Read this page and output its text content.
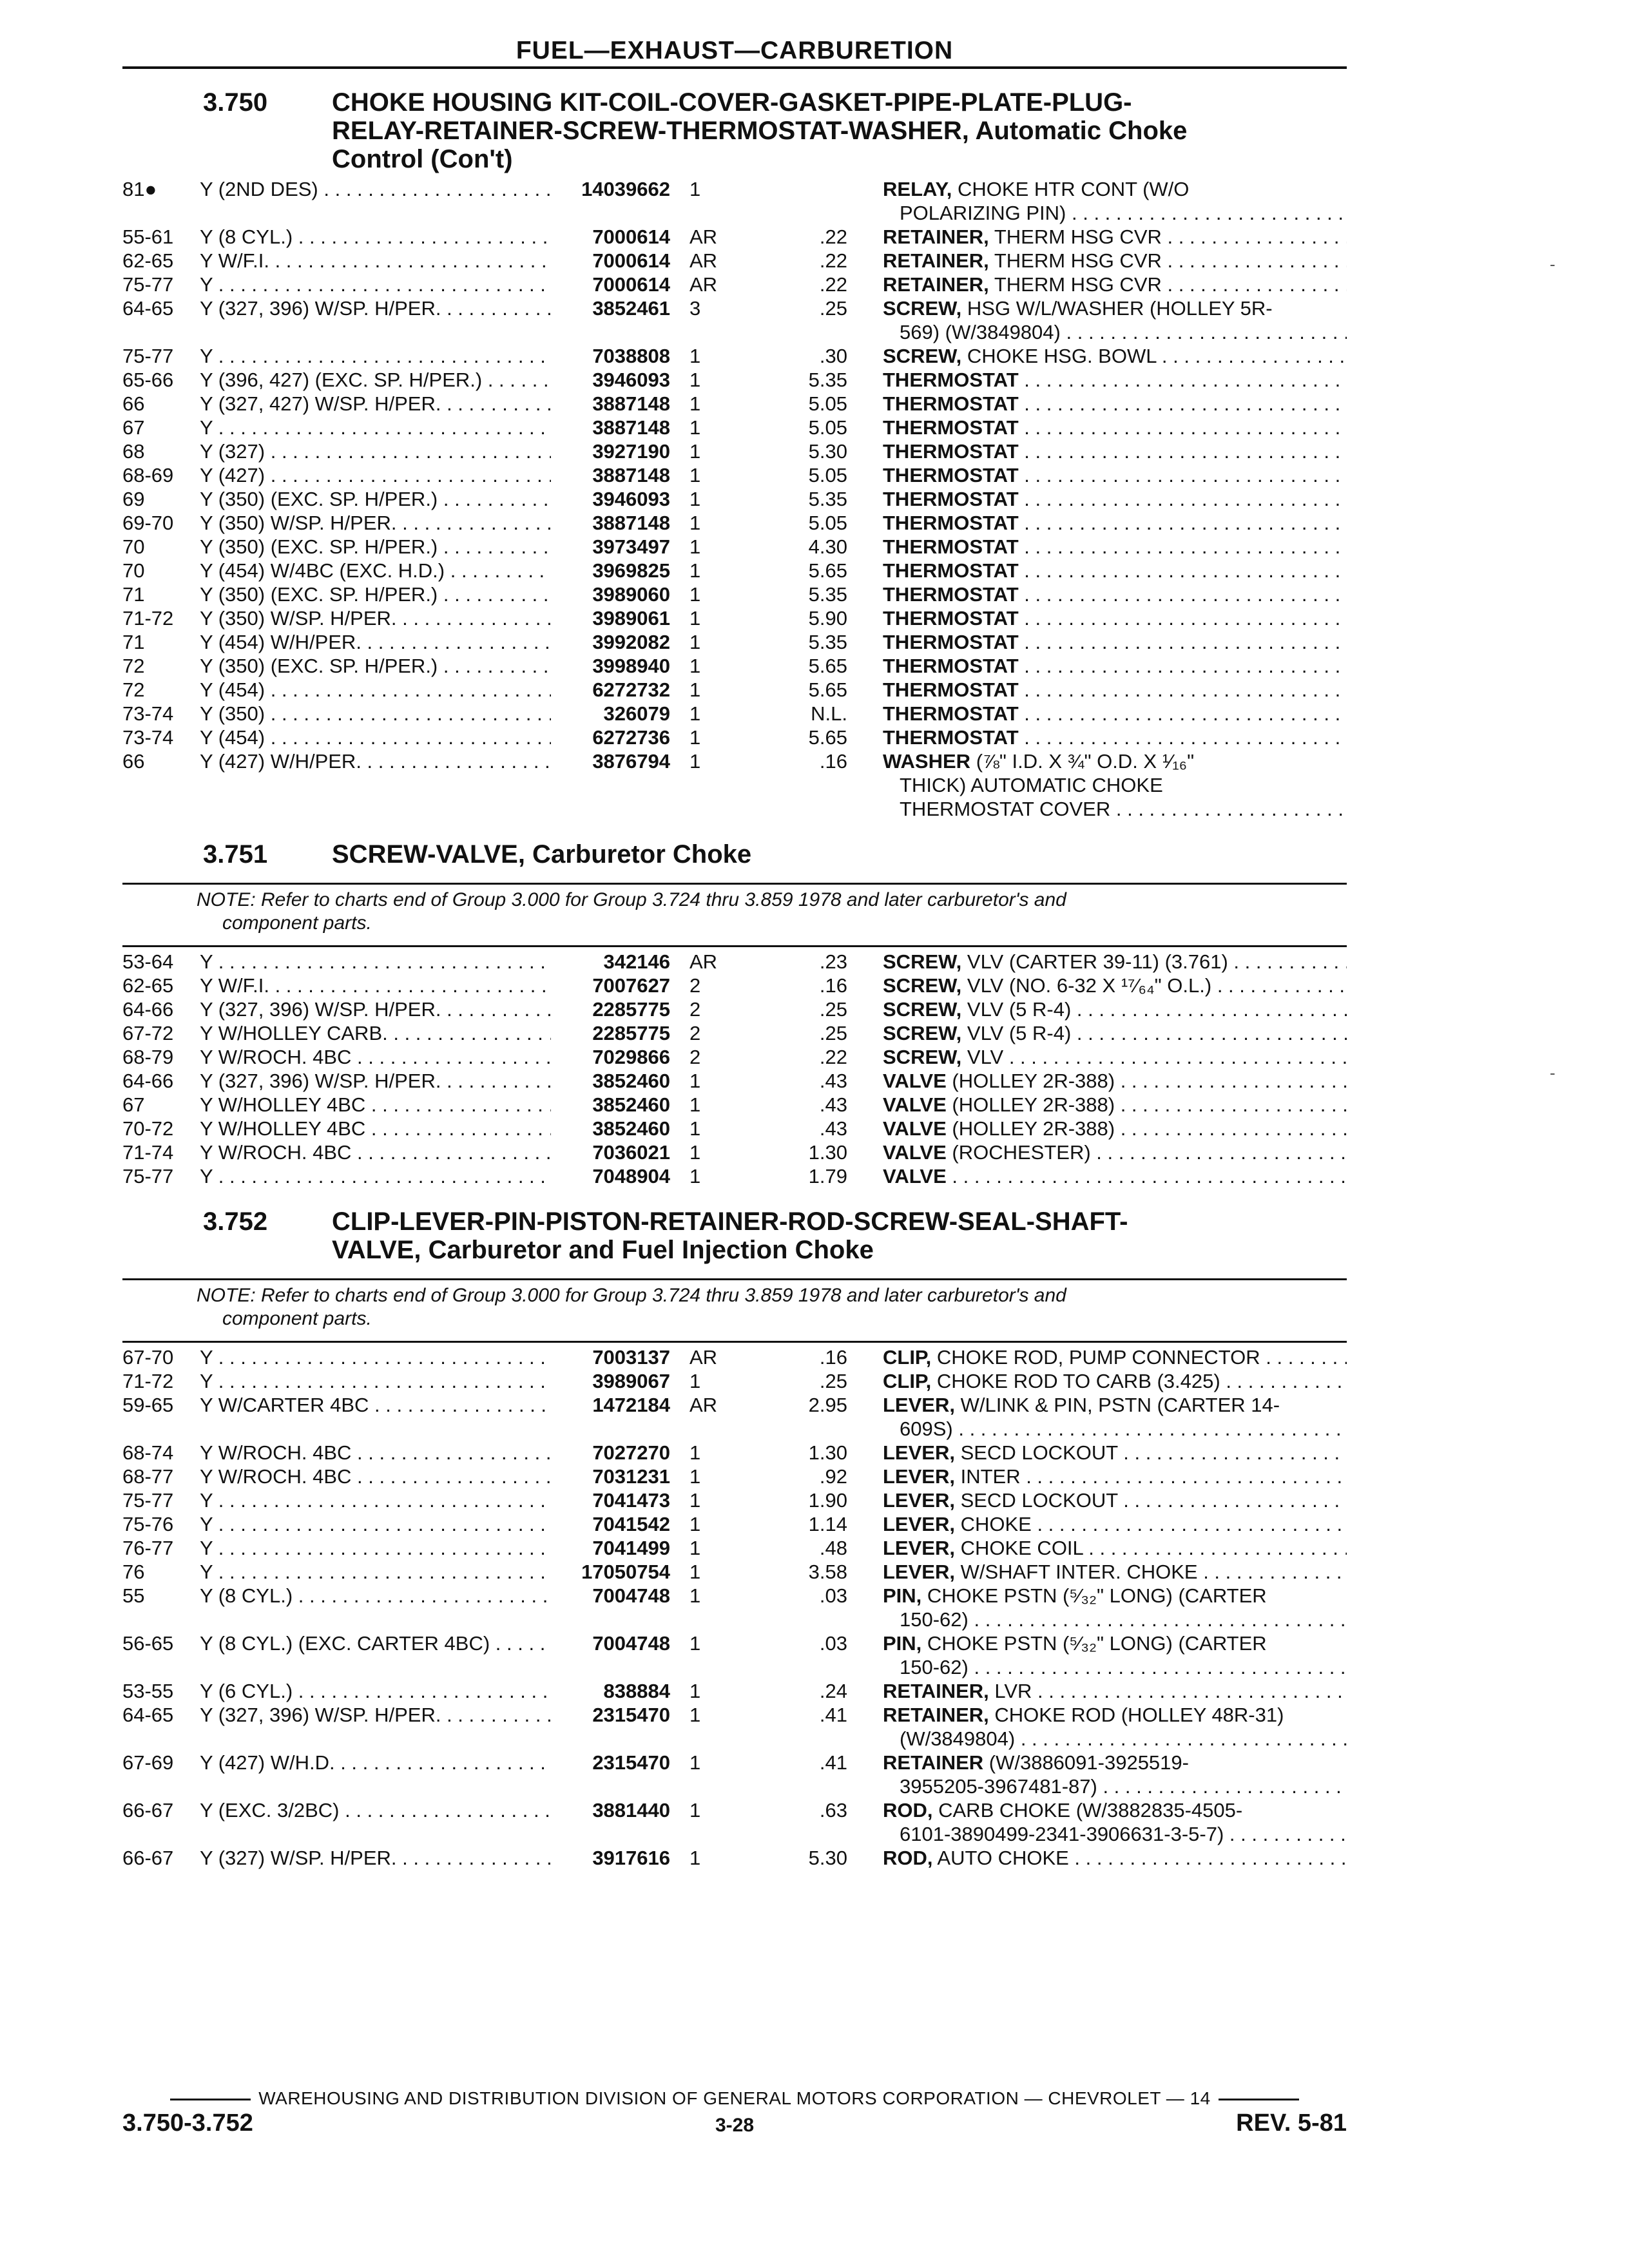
FUEL—EXHAUST—CARBURETION
3.750	CHOKE HOUSING KIT-COIL-COVER-GASKET-PIPE-PLATE-PLUG-
RELAY-RETAINER-SCREW-THERMOSTAT-WASHER, Automatic Choke
Control (Con't)
81●	Y (2ND DES) . . .	14039662 1	RELAY, CHOKE HTR CONT (W/O
POLARIZING PIN) . . .
55-61	Y (8 CYL.) . . .	7000614 AR	.22 RETAINER, THERM HSG CVR . . .
62-65	Y W/F.I. . . .	7000614 AR	.22 RETAINER, THERM HSG CVR . . .
75-77	Y . . .	7000614 AR	.22 RETAINER, THERM HSG CVR . . .
64-65	Y (327, 396) W/SP. H/PER. . . .	3852461 3	.25 SCREW, HSG W/L/WASHER (HOLLEY 5R-
569) (W/3849804) . . .
75-77	Y . . .	7038808 1	.30 SCREW, CHOKE HSG. BOWL . . .
65-66	Y (396, 427) (EXC. SP. H/PER.) . . .	3946093 1	5.35 THERMOSTAT . . .
66	Y (327, 427) W/SP. H/PER. . . .	3887148 1	5.05 THERMOSTAT . . .
67	Y . . .	3887148 1	5.05 THERMOSTAT . . .
68	Y (327) . . .	3927190 1	5.30 THERMOSTAT . . .
68-69	Y (427) . . .	3887148 1	5.05 THERMOSTAT . . .
69	Y (350) (EXC. SP. H/PER.) . . .	3946093 1	5.35 THERMOSTAT . . .
69-70	Y (350) W/SP. H/PER. . . .	3887148 1	5.05 THERMOSTAT . . .
70	Y (350) (EXC. SP. H/PER.) . . .	3973497 1	4.30 THERMOSTAT . . .
70	Y (454) W/4BC (EXC. H.D.) . . .	3969825 1	5.65 THERMOSTAT . . .
71	Y (350) (EXC. SP. H/PER.) . . .	3989060 1	5.35 THERMOSTAT . . .
71-72	Y (350) W/SP. H/PER. . . .	3989061 1	5.90 THERMOSTAT . . .
71	Y (454) W/H/PER. . . .	3992082 1	5.35 THERMOSTAT . . .
72	Y (350) (EXC. SP. H/PER.) . . .	3998940 1	5.65 THERMOSTAT . . .
72	Y (454) . . .	6272732 1	5.65 THERMOSTAT . . .
73-74	Y (350) . . .	326079 1	N.L. THERMOSTAT . . .
73-74	Y (454) . . .	6272736 1	5.65 THERMOSTAT . . .
66	Y (427) W/H/PER. . . .	3876794 1	.16 WASHER (⅞" I.D. X ¾" O.D. X ¹⁄₁₆"
THICK) AUTOMATIC CHOKE
THERMOSTAT COVER . . .
3.751	SCREW-VALVE, Carburetor Choke
NOTE: Refer to charts end of Group 3.000 for Group 3.724 thru 3.859 1978 and later carburetor's and
component parts.
53-64	Y . . .	342146 AR	.23 SCREW, VLV (CARTER 39-11) (3.761) . . .
62-65	Y W/F.I. . . .	7007627 2	.16 SCREW, VLV (NO. 6-32 X ¹⁷⁄₆₄" O.L.) . . .
64-66	Y (327, 396) W/SP. H/PER. . . .	2285775 2	.25 SCREW, VLV (5 R-4) . . .
67-72	Y W/HOLLEY CARB. . . .	2285775 2	.25 SCREW, VLV (5 R-4) . . .
68-79	Y W/ROCH. 4BC . . .	7029866 2	.22 SCREW, VLV . . .
64-66	Y (327, 396) W/SP. H/PER. . . .	3852460 1	.43 VALVE (HOLLEY 2R-388) . . .
67	Y W/HOLLEY 4BC . . .	3852460 1	.43 VALVE (HOLLEY 2R-388) . . .
70-72	Y W/HOLLEY 4BC . . .	3852460 1	.43 VALVE (HOLLEY 2R-388) . . .
71-74	Y W/ROCH. 4BC . . .	7036021 1	1.30 VALVE (ROCHESTER) . . .
75-77	Y . . .	7048904 1	1.79 VALVE . . .
3.752	CLIP-LEVER-PIN-PISTON-RETAINER-ROD-SCREW-SEAL-SHAFT-
VALVE, Carburetor and Fuel Injection Choke
NOTE: Refer to charts end of Group 3.000 for Group 3.724 thru 3.859 1978 and later carburetor's and
component parts.
67-70	Y . . .	7003137 AR	.16 CLIP, CHOKE ROD, PUMP CONNECTOR . . .
71-72	Y . . .	3989067 1	.25 CLIP, CHOKE ROD TO CARB (3.425) . . .
59-65	Y W/CARTER 4BC . . .	1472184 AR	2.95 LEVER, W/LINK & PIN, PSTN (CARTER 14-
609S) . . .
68-74	Y W/ROCH. 4BC . . .	7027270 1	1.30 LEVER, SECD LOCKOUT . . .
68-77	Y W/ROCH. 4BC . . .	7031231 1	.92 LEVER, INTER . . .
75-77	Y . . .	7041473 1	1.90 LEVER, SECD LOCKOUT . . .
75-76	Y . . .	7041542 1	1.14 LEVER, CHOKE . . .
76-77	Y . . .	7041499 1	.48 LEVER, CHOKE COIL . . .
76	Y . . .	17050754 1	3.58 LEVER, W/SHAFT INTER. CHOKE . . .
55	Y (8 CYL.) . . .	7004748 1	.03 PIN, CHOKE PSTN (⁵⁄₃₂" LONG) (CARTER
150-62) . . .
56-65	Y (8 CYL.) (EXC. CARTER 4BC) . . .	7004748 1	.03 PIN, CHOKE PSTN (⁵⁄₃₂" LONG) (CARTER
150-62) . . .
53-55	Y (6 CYL.) . . .	838884 1	.24 RETAINER, LVR . . .
64-65	Y (327, 396) W/SP. H/PER. . . .	2315470 1	.41 RETAINER, CHOKE ROD (HOLLEY 48R-31)
(W/3849804) . . .
67-69	Y (427) W/H.D. . . .	2315470 1	.41 RETAINER (W/3886091-3925519-
3955205-3967481-87) . . .
66-67	Y (EXC. 3/2BC) . . .	3881440 1	.63 ROD, CARB CHOKE (W/3882835-4505-
6101-3890499-2341-3906631-3-5-7) . . .
66-67	Y (327) W/SP. H/PER. . . .	3917616 1	5.30 ROD, AUTO CHOKE . . .
WAREHOUSING AND DISTRIBUTION DIVISION OF GENERAL MOTORS CORPORATION — CHEVROLET — 14
3.750-3.752	3-28	REV. 5-81
-
-
